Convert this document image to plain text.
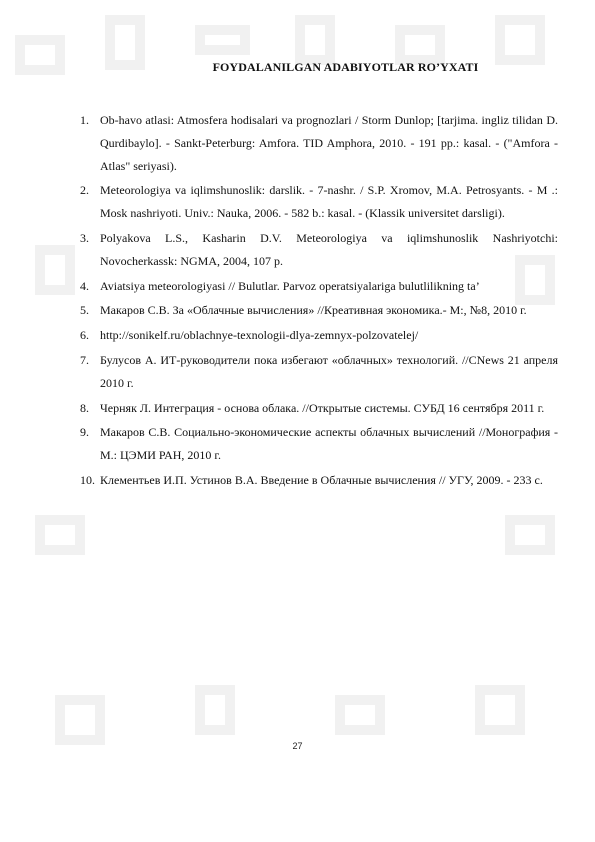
FOYDALANILGAN ADABIYOTLAR RO’YXATI
1. Ob-havo atlasi: Atmosfera hodisalari va prognozlari / Storm Dunlop; [tarjima. ingliz tilidan D. Qurdibaylo]. - Sankt-Peterburg: Amfora. TID Amphora, 2010. - 191 pp.: kasal. - ("Amfora - Atlas" seriyasi).
2. Meteorologiya va iqlimshunoslik: darslik. - 7-nashr. / S.P. Xromov, M.A. Petrosyants. - M .: Mosk nashriyoti. Univ.: Nauka, 2006. - 582 b.: kasal. - (Klassik universitet darsligi).
3. Polyakova L.S., Kasharin D.V. Meteorologiya va iqlimshunoslik Nashriyotchi: Novocherkassk: NGMA, 2004, 107 p.
4. Aviatsiya meteorologiyasi // Bulutlar. Parvoz operatsiyalariga bulutlilikning ta’
5. Макаров С.В. За «Облачные вычисления» //Креативная экономика.- М:, №8, 2010 г.
6. http://sonikelf.ru/oblachnye-texnologii-dlya-zemnyx-polzovatelej/
7. Булусов А. ИТ-руководители пока избегают «облачных» технологий. //CNews 21 апреля 2010 г.
8. Черняк Л. Интеграция - основа облака. //Открытые системы. СУБД 16 сентября 2011 г.
9. Макаров С.В. Социально-экономические аспекты облачных вычислений //Монография - М.: ЦЭМИ РАН, 2010 г.
10. Клементьев И.П. Устинов В.А. Введение в Облачные вычисления // УГУ, 2009. - 233 с.
27
